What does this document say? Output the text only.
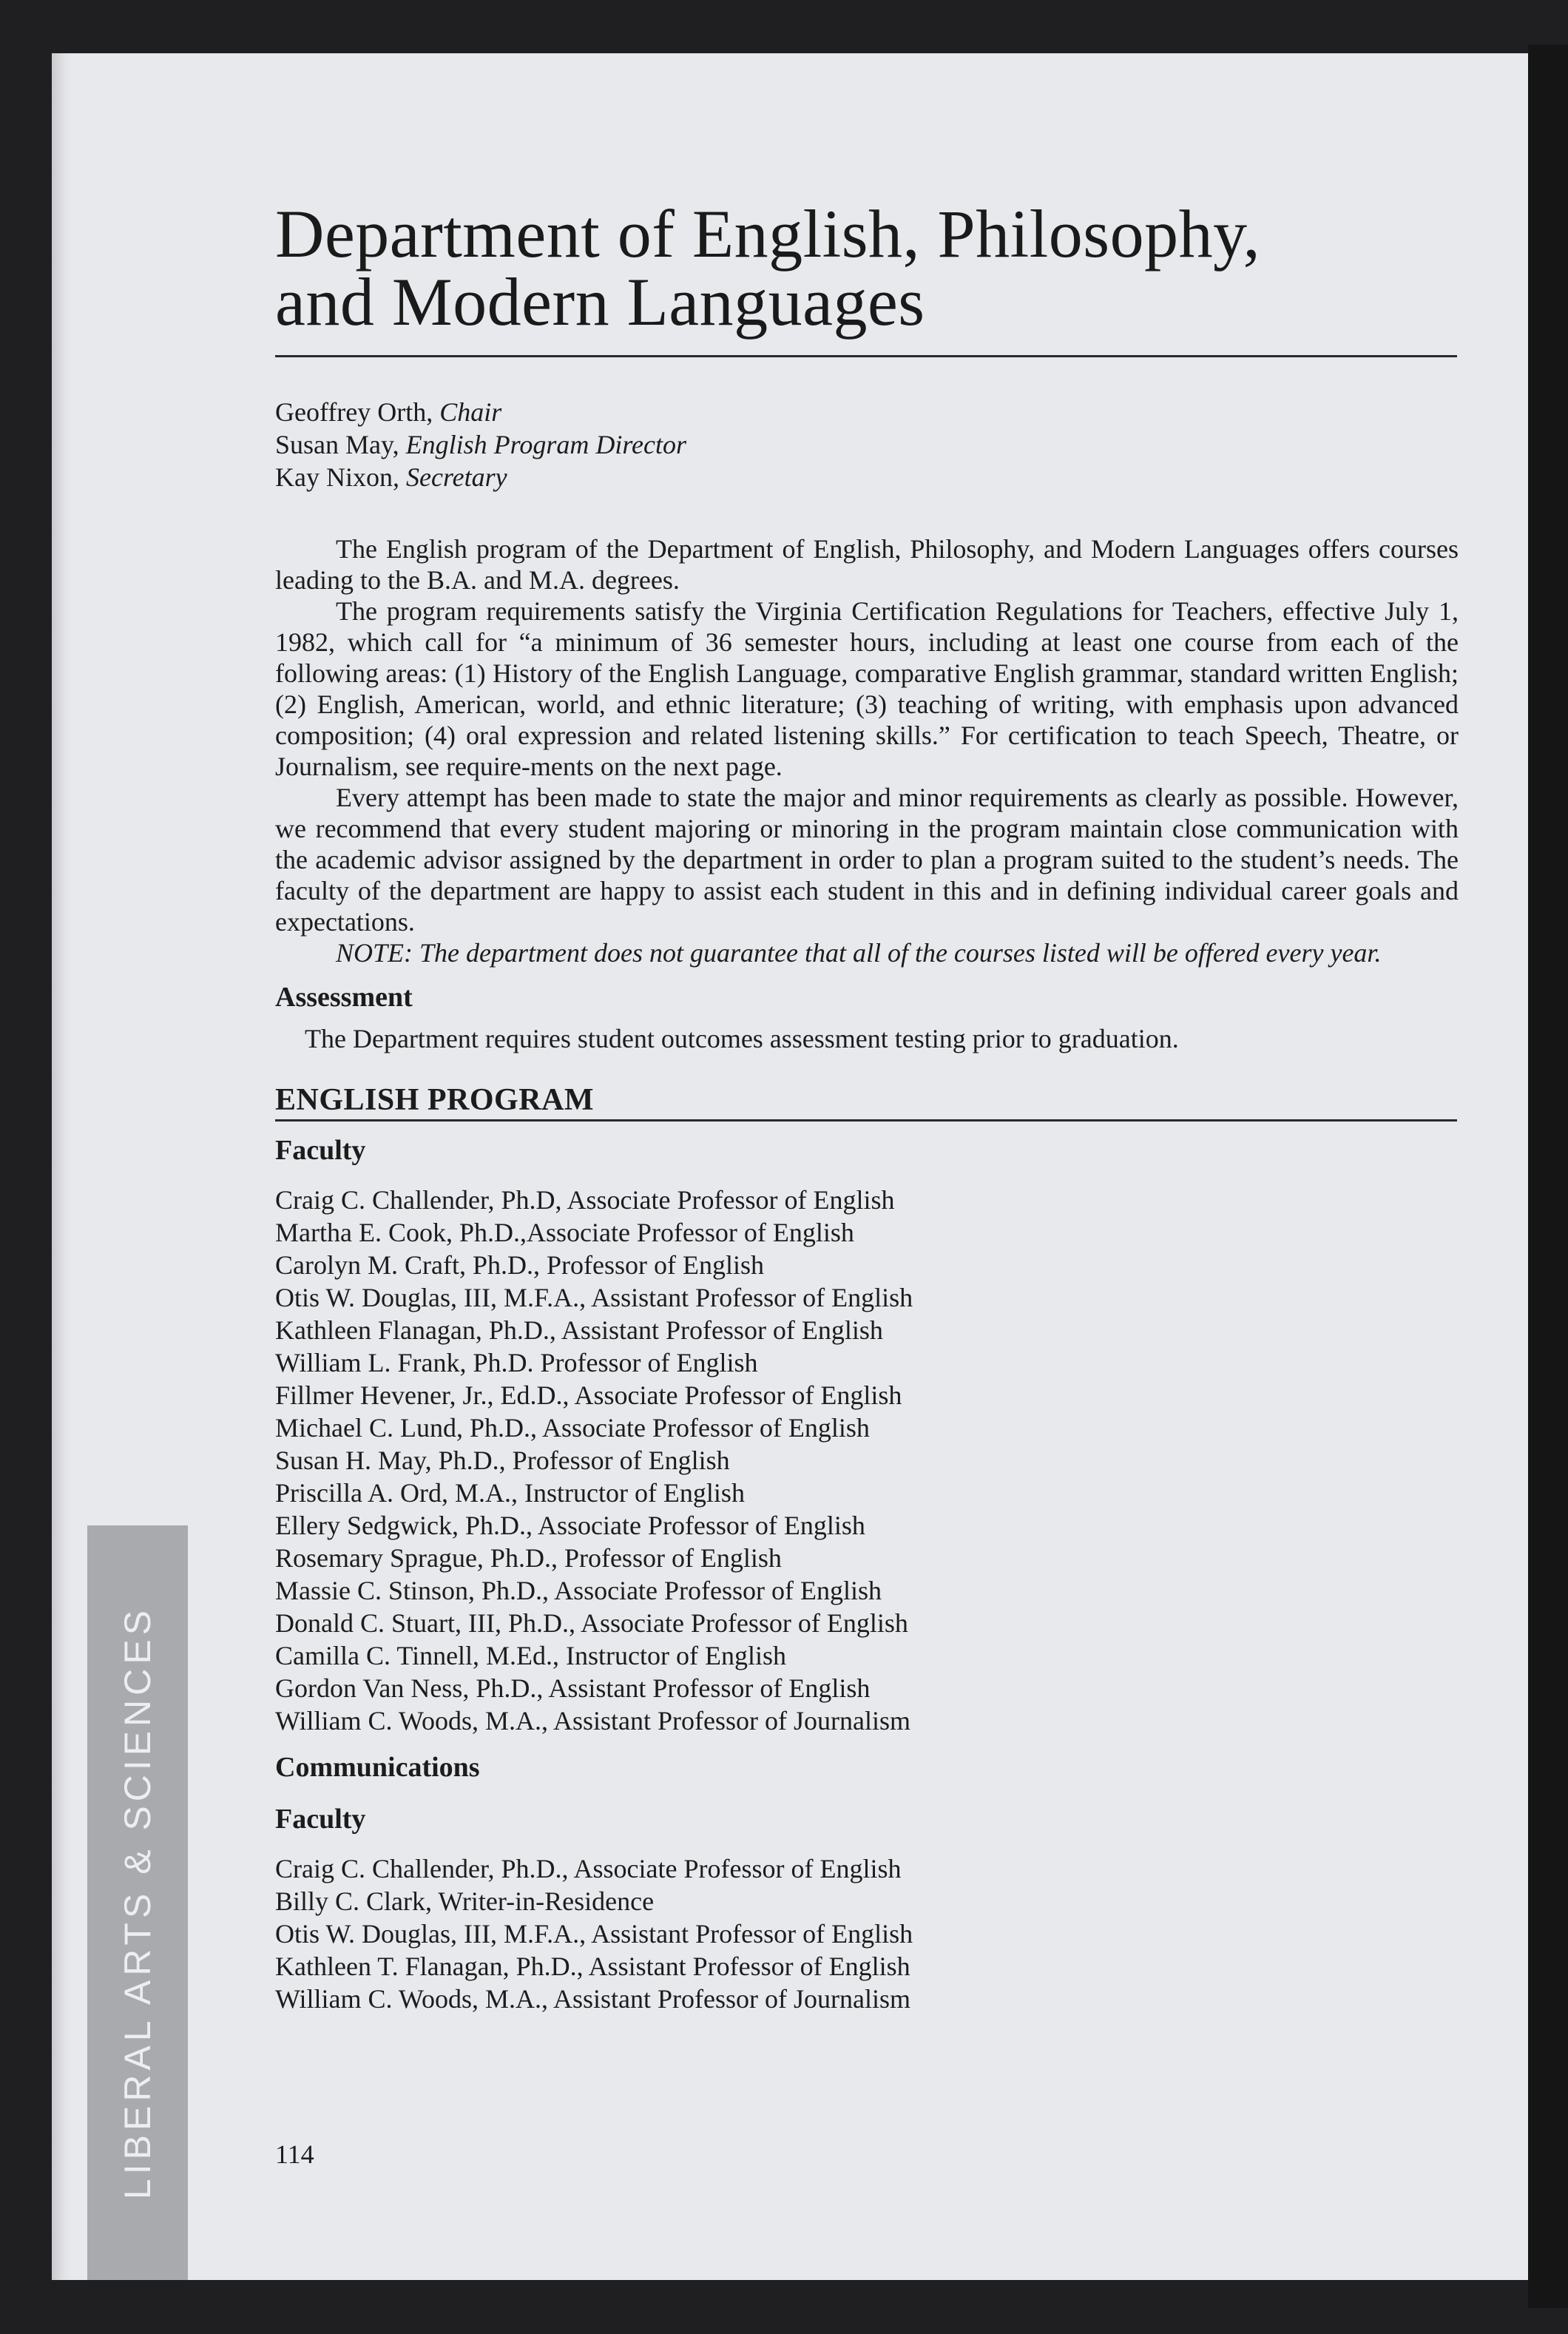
LIBERAL ARTS & SCIENCES
Department of English, Philosophy,
and Modern Languages
Geoffrey Orth, Chair
Susan May, English Program Director
Kay Nixon, Secretary

The English program of the Department of English, Philosophy, and Modern Languages offers courses leading to the B.A. and M.A. degrees.

The program requirements satisfy the Virginia Certification Regulations for Teachers, effective July 1, 1982, which call for “a minimum of 36 semester hours, including at least one course from each of the following areas: (1) History of the English Language, comparative English grammar, standard written English; (2) English, American, world, and ethnic literature; (3) teaching of writing, with emphasis upon advanced composition; (4) oral expression and related listening skills.” For certification to teach Speech, Theatre, or Journalism, see require-ments on the next page.

Every attempt has been made to state the major and minor requirements as clearly as possible. However, we recommend that every student majoring or minoring in the program maintain close communication with the academic advisor assigned by the department in order to plan a program suited to the student’s needs. The faculty of the department are happy to assist each student in this and in defining individual career goals and expectations.

NOTE: The department does not guarantee that all of the courses listed will be offered every year.

Assessment

The Department requires student outcomes assessment testing prior to graduation.

ENGLISH PROGRAM
Faculty
Craig C. Challender, Ph.D, Associate Professor of English
Martha E. Cook, Ph.D.,Associate Professor of English
Carolyn M. Craft, Ph.D., Professor of English
Otis W. Douglas, III, M.F.A., Assistant Professor of English
Kathleen Flanagan, Ph.D., Assistant Professor of English
William L. Frank, Ph.D. Professor of English
Fillmer Hevener, Jr., Ed.D., Associate Professor of English
Michael C. Lund, Ph.D., Associate Professor of English
Susan H. May, Ph.D., Professor of English
Priscilla A. Ord, M.A., Instructor of English
Ellery Sedgwick, Ph.D., Associate Professor of English
Rosemary Sprague, Ph.D., Professor of English
Massie C. Stinson, Ph.D., Associate Professor of English
Donald C. Stuart, III, Ph.D., Associate Professor of English
Camilla C. Tinnell, M.Ed., Instructor of English
Gordon Van Ness, Ph.D., Assistant Professor of English
William C. Woods, M.A., Assistant Professor of Journalism
Communications
Faculty
Craig C. Challender, Ph.D., Associate Professor of English
Billy C. Clark, Writer-in-Residence
Otis W. Douglas, III, M.F.A., Assistant Professor of English
Kathleen T. Flanagan, Ph.D., Assistant Professor of English
William C. Woods, M.A., Assistant Professor of Journalism
114
